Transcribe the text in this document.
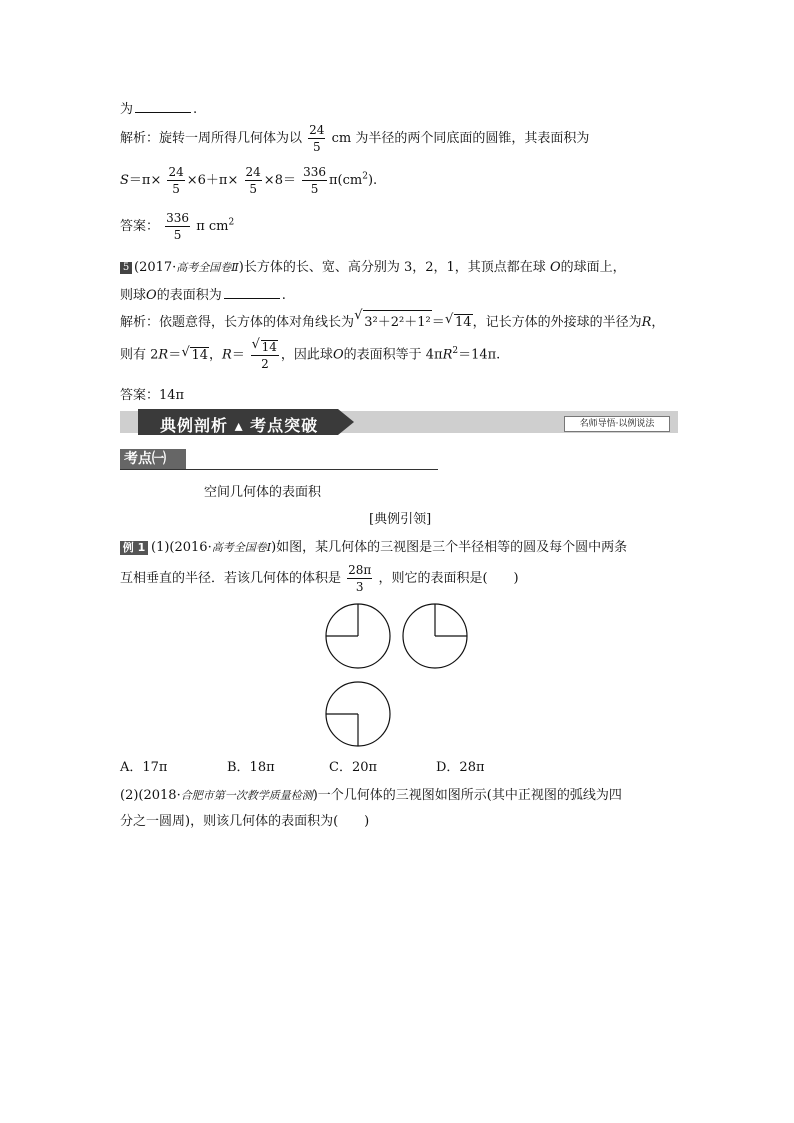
为	.
解析：旋转一周所得几何体为以 $\frac{24}{5}$ cm 为半径的两个同底面的圆锥，其表面积为
$S=\pi\times \frac{24}{5} \times 6+\pi\times \frac{24}{5} \times 8= \frac{336}{5} \pi(cm^2)$.
答案： $\frac{336}{5}$ π $cm^2$
5 (2017·高考全国卷Ⅱ)长方体的长、宽、高分别为 3，2，1，其顶点都在球 O的球面上，
则球O的表面积为	.
解析：依题意得，长方体的体对角线长为 √ 3²＋2²＋1²＝ √ 14，记长方体的外接球的半径为R，
则有 2R＝ √ 14，R＝ √ $\frac{14}{2}$ ，因此球O的表面积等于 $4\pi R^2=14\pi$.
答案：14π
典例剖析 ▴ 考点突破	名师导悟·以例说法
考点㈠
空间几何体的表面积
[典例引领]
例 1 (1)(2016·高考全国卷Ⅰ)如图，某几何体的三视图是三个半径相等的圆及每个圆中两条
互相垂直的半径．若该几何体的体积是 $\frac{28\pi}{3}$ ，则它的表面积是(　　)
A．17π	B．18π	C．20π	D．28π
(2)(2018·合肥市第一次教学质量检测)一个几何体的三视图如图所示(其中正视图的弧线为四
分之一圆周)，则该几何体的表面积为(　　)
